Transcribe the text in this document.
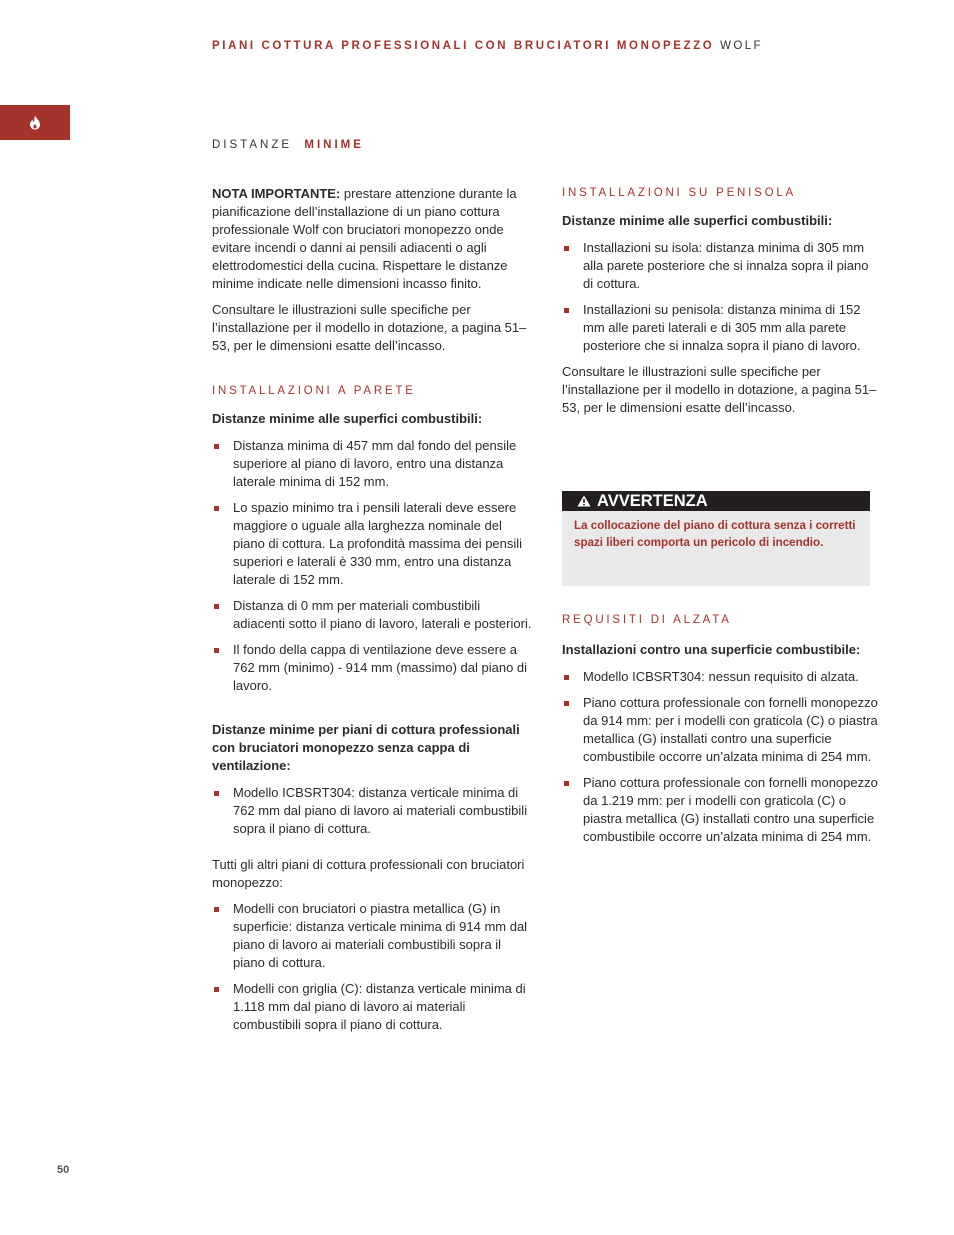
PIANI COTTURA PROFESSIONALI CON BRUCIATORI MONOPEZZO WOLF
DISTANZE MINIME

NOTA IMPORTANTE: prestare attenzione durante la pianificazione dell’installazione di un piano cottura professionale Wolf con bruciatori monopezzo onde evitare incendi o danni ai pensili adiacenti o agli elettrodomestici della cucina. Rispettare le distanze minime indicate nelle dimensioni incasso finito.

Consultare le illustrazioni sulle specifiche per l’installazione per il modello in dotazione, a pagina 51–53, per le dimensioni esatte dell’incasso.

INSTALLAZIONI A PARETE

Distanze minime alle superfici combustibili:

Distanza minima di 457 mm dal fondo del pensile superiore al piano di lavoro, entro una distanza laterale minima di 152 mm.
Lo spazio minimo tra i pensili laterali deve essere maggiore o uguale alla larghezza nominale del piano di cottura. La profondità massima dei pensili superiori e laterali è 330 mm, entro una distanza laterale di 152 mm.
Distanza di 0 mm per materiali combustibili adiacenti sotto il piano di lavoro, laterali e posteriori.
Il fondo della cappa di ventilazione deve essere a 762 mm (minimo) - 914 mm (massimo) dal piano di lavoro.

Distanze minime per piani di cottura professionali con bruciatori monopezzo senza cappa di ventilazione:

Modello ICBSRT304: distanza verticale minima di 762 mm dal piano di lavoro ai materiali combustibili sopra il piano di cottura.

Tutti gli altri piani di cottura professionali con bruciatori monopezzo:

Modelli con bruciatori o piastra metallica (G) in superficie: distanza verticale minima di 914 mm dal piano di lavoro ai materiali combustibili sopra il piano di cottura.
Modelli con griglia (C): distanza verticale minima di 1.118 mm dal piano di lavoro ai materiali combustibili sopra il piano di cottura.
INSTALLAZIONI SU PENISOLA

Distanze minime alle superfici combustibili:

Installazioni su isola: distanza minima di 305 mm alla parete posteriore che si innalza sopra il piano di cottura.
Installazioni su penisola: distanza minima di 152 mm alle pareti laterali e di 305 mm alla parete posteriore che si innalza sopra il piano di lavoro.

Consultare le illustrazioni sulle specifiche per l’installazione per il modello in dotazione, a pagina 51–53, per le dimensioni esatte dell’incasso.

AVVERTENZA
La collocazione del piano di cottura senza i corretti spazi liberi comporta un pericolo di incendio.
REQUISITI DI ALZATA

Installazioni contro una superficie combustibile:

Modello ICBSRT304: nessun requisito di alzata.
Piano cottura professionale con fornelli monopezzo da 914 mm: per i modelli con graticola (C) o piastra metallica (G) installati contro una superficie combustibile occorre un’alzata minima di 254 mm.
Piano cottura professionale con fornelli monopezzo da 1.219 mm: per i modelli con graticola (C) o piastra metallica (G) installati contro una superficie combustibile occorre un’alzata minima di 254 mm.
50
